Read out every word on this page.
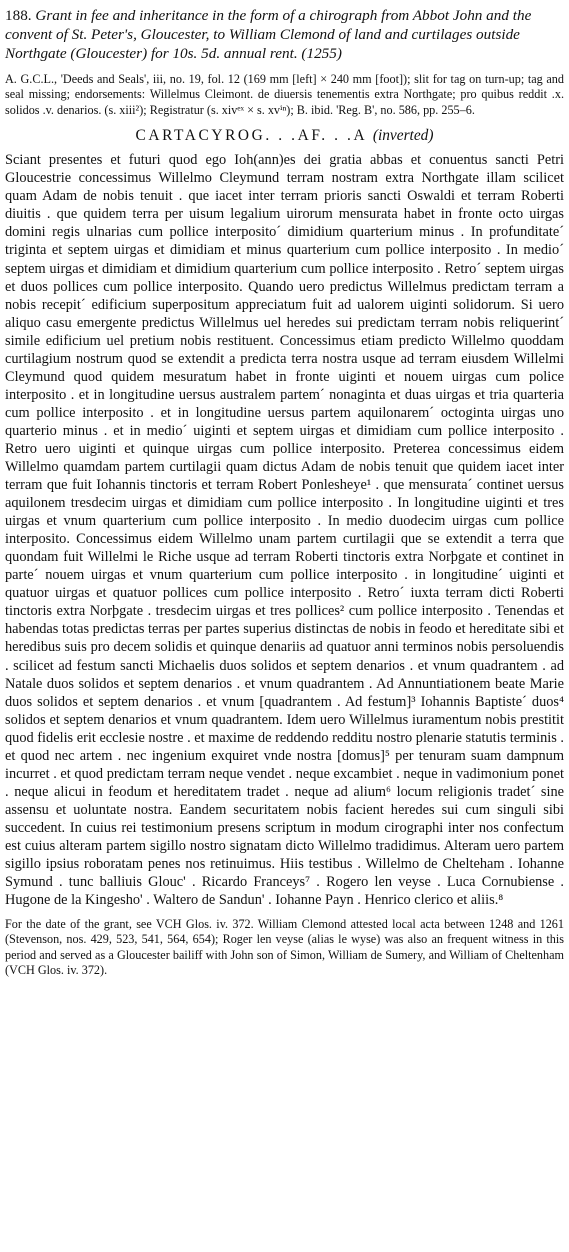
188. Grant in fee and inheritance in the form of a chirograph from Abbot John and the convent of St. Peter's, Gloucester, to William Clemond of land and curtilages outside Northgate (Gloucester) for 10s. 5d. annual rent. (1255)
A. G.C.L., 'Deeds and Seals', iii, no. 19, fol. 12 (169 mm [left] × 240 mm [foot]); slit for tag on turn-up; tag and seal missing; endorsements: Willelmus Cleimont. de diuersis tenementis extra Northgate; pro quibus reddit .x. solidos .v. denarios. (s. xiii²); Registratur (s. xivᵉˣ × s. xvⁱⁿ); B. ibid. 'Reg. B', no. 586, pp. 255–6.
CARTACYROG. . .AF. . .A (inverted)
Sciant presentes et futuri quod ego Ioh(ann)es dei gratia abbas et conuentus sancti Petri Gloucestrie concessimus Willelmo Cleymund terram nostram extra Northgate illam scilicet quam Adam de nobis tenuit . que iacet inter terram prioris sancti Oswaldi et terram Roberti diuitis . que quidem terra per uisum legalium uirorum mensurata habet in fronte octo uirgas domini regis ulnarias cum pollice interposito´ dimidium quarterium minus . In profunditate´ triginta et septem uirgas et dimidiam et minus quarterium cum pollice interposito . In medio´ septem uirgas et dimidiam et dimidium quarterium cum pollice interposito . Retro´ septem uirgas et duos pollices cum pollice interposito. Quando uero predictus Willelmus predictam terram a nobis recepit´ edificium superpositum appreciatum fuit ad ualorem uiginti solidorum. Si uero aliquo casu emergente predictus Willelmus uel heredes sui predictam terram nobis reliquerint´ simile edificium uel pretium nobis restituent. Concessimus etiam predicto Willelmo quoddam curtilagium nostrum quod se extendit a predicta terra nostra usque ad terram eiusdem Willelmi Cleymund quod quidem mesuratum habet in fronte uiginti et nouem uirgas cum police interposito . et in longitudine uersus australem partem´ nonaginta et duas uirgas et tria quarteria cum pollice interposito . et in longitudine uersus partem aquilonarem´ octoginta uirgas uno quarterio minus . et in medio´ uiginti et septem uirgas et dimidiam cum pollice interposito . Retro uero uiginti et quinque uirgas cum pollice interposito. Preterea concessimus eidem Willelmo quamdam partem curtilagii quam dictus Adam de nobis tenuit que quidem iacet inter terram que fuit Iohannis tinctoris et terram Robert Ponlesheye¹ . que mensurata´ continet uersus aquilonem tresdecim uirgas et dimidiam cum pollice interposito . In longitudine uiginti et tres uirgas et vnum quarterium cum pollice interposito . In medio duodecim uirgas cum pollice interposito. Concessimus eidem Willelmo unam partem curtilagii que se extendit a terra que quondam fuit Willelmi le Riche usque ad terram Roberti tinctoris extra Norþgate et continet in parte´ nouem uirgas et vnum quarterium cum pollice interposito . in longitudine´ uiginti et quatuor uirgas et quatuor pollices cum pollice interposito . Retro´ iuxta terram dicti Roberti tinctoris extra Norþgate . tresdecim uirgas et tres pollices² cum pollice interposito . Tenendas et habendas totas predictas terras per partes superius distinctas de nobis in feodo et hereditate sibi et heredibus suis pro decem solidis et quinque denariis ad quatuor anni terminos nobis persoluendis . scilicet ad festum sancti Michaelis duos solidos et septem denarios . et vnum quadrantem . ad Natale duos solidos et septem denarios . et vnum quadrantem . Ad Annuntiationem beate Marie duos solidos et septem denarios . et vnum [quadrantem . Ad festum]³ Iohannis Baptiste´ duos⁴ solidos et septem denarios et vnum quadrantem. Idem uero Willelmus iuramentum nobis prestitit quod fidelis erit ecclesie nostre . et maxime de reddendo redditu nostro plenarie statutis terminis . et quod nec artem . nec ingenium exquiret vnde nostra [domus]⁵ per tenuram suam dampnum incurret . et quod predictam terram neque vendet . neque excambiet . neque in vadimonium ponet . neque alicui in feodum et hereditatem tradet . neque ad alium⁶ locum religionis tradet´ sine assensu et uoluntate nostra. Eandem securitatem nobis facient heredes sui cum singuli sibi succedent. In cuius rei testimonium presens scriptum in modum cirographi inter nos confectum est cuius alteram partem sigillo nostro signatam dicto Willelmo tradidimus. Alteram uero partem sigillo ipsius roboratam penes nos retinuimus. Hiis testibus . Willelmo de Chelteham . Iohanne Symund . tunc balliuis Glouc' . Ricardo Franceys⁷ . Rogero len veyse . Luca Cornubiense . Hugone de la Kingesho' . Waltero de Sandun' . Iohanne Payn . Henrico clerico et aliis.⁸
For the date of the grant, see VCH Glos. iv. 372. William Clemond attested local acta between 1248 and 1261 (Stevenson, nos. 429, 523, 541, 564, 654); Roger len veyse (alias le wyse) was also an frequent witness in this period and served as a Gloucester bailiff with John son of Simon, William de Sumery, and William of Cheltenham (VCH Glos. iv. 372).
